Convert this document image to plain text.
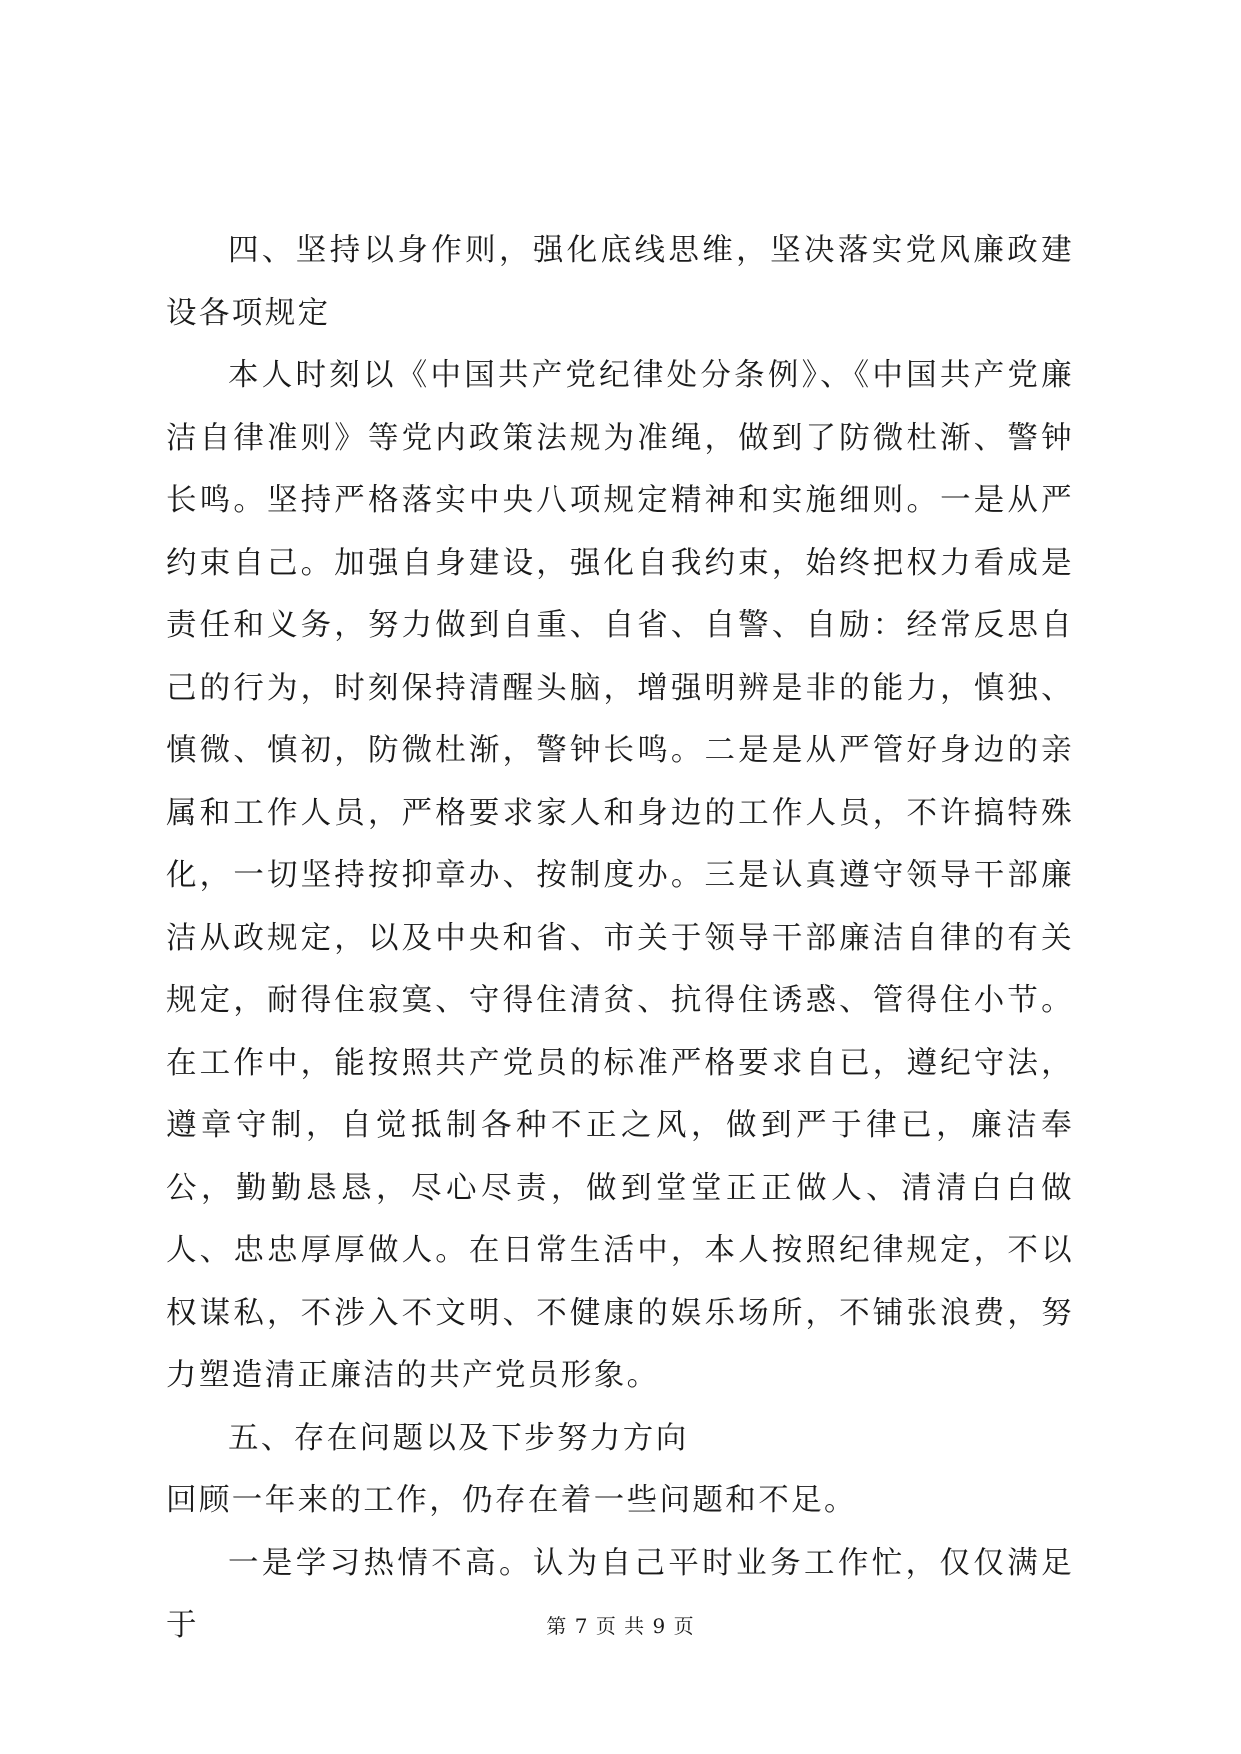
四、坚持以身作则，强化底线思维，坚决落实党风廉政建设各项规定

本人时刻以《中国共产党纪律处分条例》、《中国共产党廉洁自律准则》等党内政策法规为准绳，做到了防微杜渐、警钟长鸣。坚持严格落实中央八项规定精神和实施细则。一是从严约束自己。加强自身建设，强化自我约束，始终把权力看成是责任和义务，努力做到自重、自省、自警、自励：经常反思自己的行为，时刻保持清醒头脑，增强明辨是非的能力，慎独、慎微、慎初，防微杜渐，警钟长鸣。二是是从严管好身边的亲属和工作人员，严格要求家人和身边的工作人员，不许搞特殊化，一切坚持按抑章办、按制度办。三是认真遵守领导干部廉洁从政规定，以及中央和省、市关于领导干部廉洁自律的有关规定，耐得住寂寞、守得住清贫、抗得住诱惑、管得住小节。在工作中，能按照共产党员的标准严格要求自已，遵纪守法，遵章守制，自觉抵制各种不正之风，做到严于律已，廉洁奉公，勤勤恳恳，尽心尽责，做到堂堂正正做人、清清白白做人、忠忠厚厚做人。在日常生活中，本人按照纪律规定，不以权谋私，不涉入不文明、不健康的娱乐场所，不铺张浪费，努力塑造清正廉洁的共产党员形象。

五、存在问题以及下步努力方向

回顾一年来的工作，仍存在着一些问题和不足。

一是学习热情不高。认为自己平时业务工作忙，仅仅满足于	第 7 页 共 9 页
